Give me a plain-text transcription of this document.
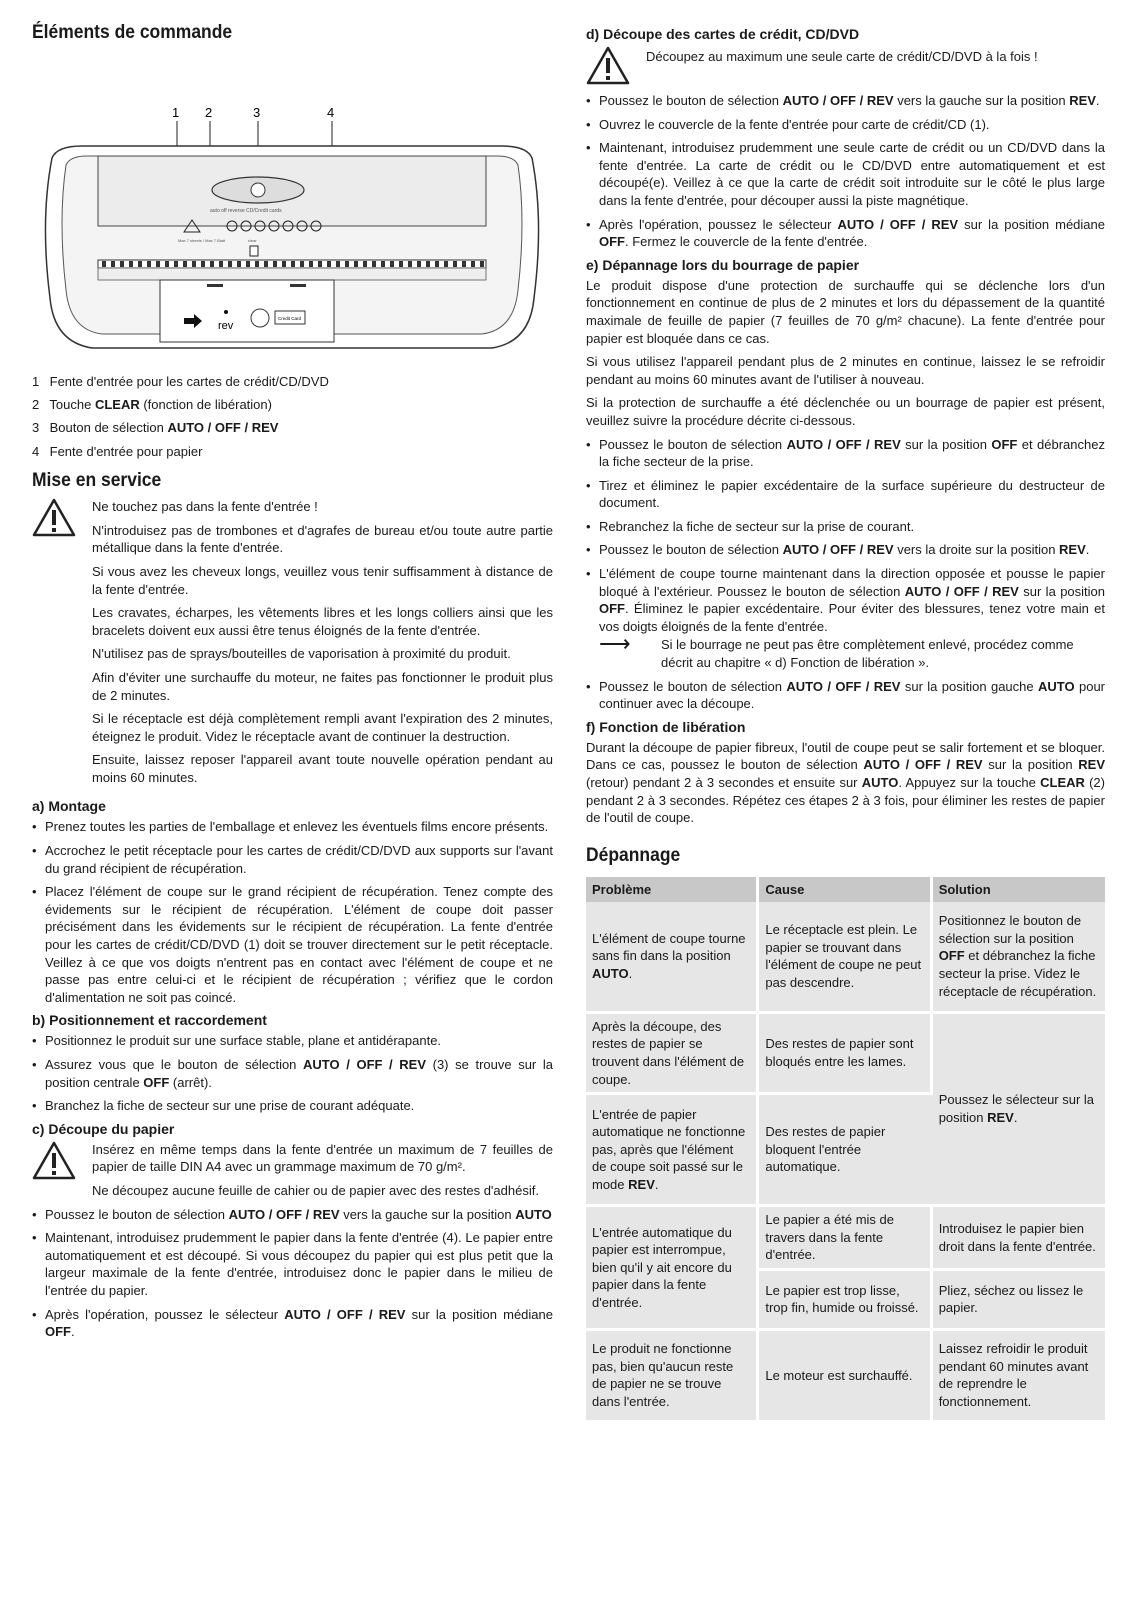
Éléments de commande
1 2	3	4
auto off reverse CD/Credit cards
Max 7 sheets / Max 7 Blatt	clear
rev
Credit Card
1 Fente d'entrée pour les cartes de crédit/CD/DVD
2 Touche CLEAR (fonction de libération)
3 Bouton de sélection AUTO / OFF / REV
4 Fente d'entrée pour papier
Mise en service

Ne touchez pas dans la fente d'entrée !

N'introduisez pas de trombones et d'agrafes de bureau et/ou toute autre partie métallique dans la fente d'entrée.

Si vous avez les cheveux longs, veuillez vous tenir suffisamment à distance de la fente d'entrée.

Les cravates, écharpes, les vêtements libres et les longs colliers ainsi que les bracelets doivent eux aussi être tenus éloignés de la fente d'entrée.

N'utilisez pas de sprays/bouteilles de vaporisation à proximité du produit.

Afin d'éviter une surchauffe du moteur, ne faites pas fonctionner le produit plus de 2 minutes.

Si le réceptacle est déjà complètement rempli avant l'expiration des 2 minutes, éteignez le produit. Videz le réceptacle avant de continuer la destruction.

Ensuite, laissez reposer l'appareil avant toute nouvelle opération pendant au moins 60 minutes.

a) Montage
• Prenez toutes les parties de l'emballage et enlevez les éventuels films encore présents.
• Accrochez le petit réceptacle pour les cartes de crédit/CD/DVD aux supports sur l'avant du grand récipient de récupération.
• Placez l'élément de coupe sur le grand récipient de récupération. Tenez compte des évidements sur le récipient de récupération. L'élément de coupe doit passer précisément dans les évidements sur le récipient de récupération. La fente d'entrée pour les cartes de crédit/CD/DVD (1) doit se trouver directement sur le petit réceptacle. Veillez à ce que vos doigts n'entrent pas en contact avec l'élément de coupe et ne passe pas entre celui-ci et le récipient de récupération ; vérifiez que le cordon d'alimentation ne soit pas coincé.
b) Positionnement et raccordement
• Positionnez le produit sur une surface stable, plane et antidérapante.
• Assurez vous que le bouton de sélection AUTO / OFF / REV (3) se trouve sur la position centrale OFF (arrêt).
• Branchez la fiche de secteur sur une prise de courant adéquate.
c) Découpe du papier

Insérez en même temps dans la fente d'entrée un maximum de 7 feuilles de papier de taille DIN A4 avec un grammage maximum de 70 g/m².

Ne découpez aucune feuille de cahier ou de papier avec des restes d'adhésif.

• Poussez le bouton de sélection AUTO / OFF / REV vers la gauche sur la position AUTO
• Maintenant, introduisez prudemment le papier dans la fente d'entrée (4). Le papier entre automatiquement et est découpé. Si vous découpez du papier qui est plus petit que la largeur maximale de la fente d'entrée, introduisez donc le papier dans le milieu de l'entrée du papier.
• Après l'opération, poussez le sélecteur AUTO / OFF / REV sur la position médiane OFF.
d) Découpe des cartes de crédit, CD/DVD

Découpez au maximum une seule carte de crédit/CD/DVD à la fois !

• Poussez le bouton de sélection AUTO / OFF / REV vers la gauche sur la position REV.
• Ouvrez le couvercle de la fente d'entrée pour carte de crédit/CD (1).
• Maintenant, introduisez prudemment une seule carte de crédit ou un CD/DVD dans la fente d'entrée. La carte de crédit ou le CD/DVD entre automatiquement et est découpé(e). Veillez à ce que la carte de crédit soit introduite sur le côté le plus large dans la fente d'entrée, pour découper aussi la piste magnétique.
• Après l'opération, poussez le sélecteur AUTO / OFF / REV sur la position médiane OFF. Fermez le couvercle de la fente d'entrée.
e) Dépannage lors du bourrage de papier

Le produit dispose d'une protection de surchauffe qui se déclenche lors d'un fonctionnement en continue de plus de 2 minutes et lors du dépassement de la quantité maximale de feuille de papier (7 feuilles de 70 g/m² chacune). La fente d'entrée pour papier est bloquée dans ce cas.

Si vous utilisez l'appareil pendant plus de 2 minutes en continue, laissez le se refroidir pendant au moins 60 minutes avant de l'utiliser à nouveau.

Si la protection de surchauffe a été déclenchée ou un bourrage de papier est présent, veuillez suivre la procédure décrite ci-dessous.

• Poussez le bouton de sélection AUTO / OFF / REV sur la position OFF et débranchez la fiche secteur de la prise.
• Tirez et éliminez le papier excédentaire de la surface supérieure du destructeur de document.
• Rebranchez la fiche de secteur sur la prise de courant.
• Poussez le bouton de sélection AUTO / OFF / REV vers la droite sur la position REV.
• L'élément de coupe tourne maintenant dans la direction opposée et pousse le papier bloqué à l'extérieur. Poussez le bouton de sélection AUTO / OFF / REV sur la position OFF. Éliminez le papier excédentaire. Pour éviter des blessures, tenez votre main et vos doigts éloignés de la fente d'entrée.
⟶	Si le bourrage ne peut pas être complètement enlevé, procédez comme décrit au chapitre « d) Fonction de libération ».
• Poussez le bouton de sélection AUTO / OFF / REV sur la position gauche AUTO pour continuer avec la découpe.
f) Fonction de libération

Durant la découpe de papier fibreux, l'outil de coupe peut se salir fortement et se bloquer. Dans ce cas, poussez le bouton de sélection AUTO / OFF / REV sur la position REV (retour) pendant 2 à 3 secondes et ensuite sur AUTO. Appuyez sur la touche CLEAR (2) pendant 2 à 3 secondes. Répétez ces étapes 2 à 3 fois, pour éliminer les restes de papier de l'outil de coupe.

Dépannage
Problème	Cause	Solution
L'élément de coupe tourne sans fin dans la position AUTO.	Le réceptacle est plein. Le papier se trouvant dans l'élément de coupe ne peut pas descendre.	Positionnez le bouton de sélection sur la position OFF et débranchez la fiche secteur la prise. Videz le réceptacle de récupération.
Après la découpe, des restes de papier se trouvent dans l'élément de coupe.	Des restes de papier sont bloqués entre les lames.	Poussez le sélecteur sur la position REV.
L'entrée de papier automatique ne fonctionne pas, après que l'élément de coupe soit passé sur le mode REV.	Des restes de papier bloquent l'entrée automatique.	
L'entrée automatique du papier est interrompue, bien qu'il y ait encore du papier dans la fente d'entrée.	Le papier a été mis de travers dans la fente d'entrée.	Introduisez le papier bien droit dans la fente d'entrée.
	Le papier est trop lisse, trop fin, humide ou froissé.	Pliez, séchez ou lissez le papier.
Le produit ne fonctionne pas, bien qu'aucun reste de papier ne se trouve dans l'entrée.	Le moteur est surchauffé.	Laissez refroidir le produit pendant 60 minutes avant de reprendre le fonctionnement.
